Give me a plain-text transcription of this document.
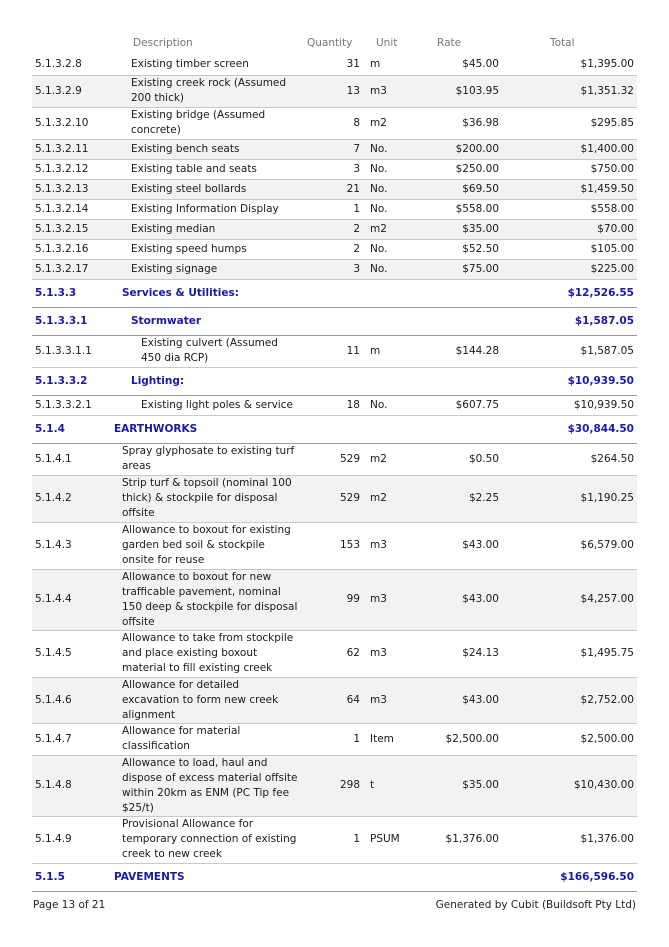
Description	Quantity Unit	Rate	Total
5.1.3.2.8	Existing timber screen	31	m	$45.00	$1,395.00
5.1.3.2.9	Existing creek rock (Assumed 200 thick)	13	m3	$103.95	$1,351.32
5.1.3.2.10	Existing bridge (Assumed concrete)	8	m2	$36.98	$295.85
5.1.3.2.11	Existing bench seats	7	No.	$200.00	$1,400.00
5.1.3.2.12	Existing table and seats	3	No.	$250.00	$750.00
5.1.3.2.13	Existing steel bollards	21	No.	$69.50	$1,459.50
5.1.3.2.14	Existing Information Display	1	No.	$558.00	$558.00
5.1.3.2.15	Existing median	2	m2	$35.00	$70.00
5.1.3.2.16	Existing speed humps	2	No.	$52.50	$105.00
5.1.3.2.17	Existing signage	3	No.	$75.00	$225.00
5.1.3.3	Services & Utilities:				$12,526.55
5.1.3.3.1	Stormwater				$1,587.05
5.1.3.3.1.1	Existing culvert (Assumed 450 dia RCP)	11	m	$144.28	$1,587.05
5.1.3.3.2	Lighting:				$10,939.50
5.1.3.3.2.1	Existing light poles & service	18	No.	$607.75	$10,939.50
5.1.4	EARTHWORKS				$30,844.50
5.1.4.1	Spray glyphosate to existing turf areas	529	m2	$0.50	$264.50
5.1.4.2	Strip turf & topsoil (nominal 100 thick) & stockpile for disposal offsite	529	m2	$2.25	$1,190.25
5.1.4.3	Allowance to boxout for existing garden bed soil & stockpile onsite for reuse	153	m3	$43.00	$6,579.00
5.1.4.4	Allowance to boxout for new trafficable pavement, nominal 150 deep & stockpile for disposal offsite	99	m3	$43.00	$4,257.00
5.1.4.5	Allowance to take from stockpile and place existing boxout material to fill existing creek	62	m3	$24.13	$1,495.75
5.1.4.6	Allowance for detailed excavation to form new creek alignment	64	m3	$43.00	$2,752.00
5.1.4.7	Allowance for material classification	1	Item	$2,500.00	$2,500.00
5.1.4.8	Allowance to load, haul and dispose of excess material offsite within 20km as ENM (PC Tip fee $25/t)	298	t	$35.00	$10,430.00
5.1.4.9	Provisional Allowance for temporary connection of existing creek to new creek	1	PSUM	$1,376.00	$1,376.00
5.1.5	PAVEMENTS				$166,596.50
Page 13 of 21	Generated by Cubit (Buildsoft Pty Ltd)
